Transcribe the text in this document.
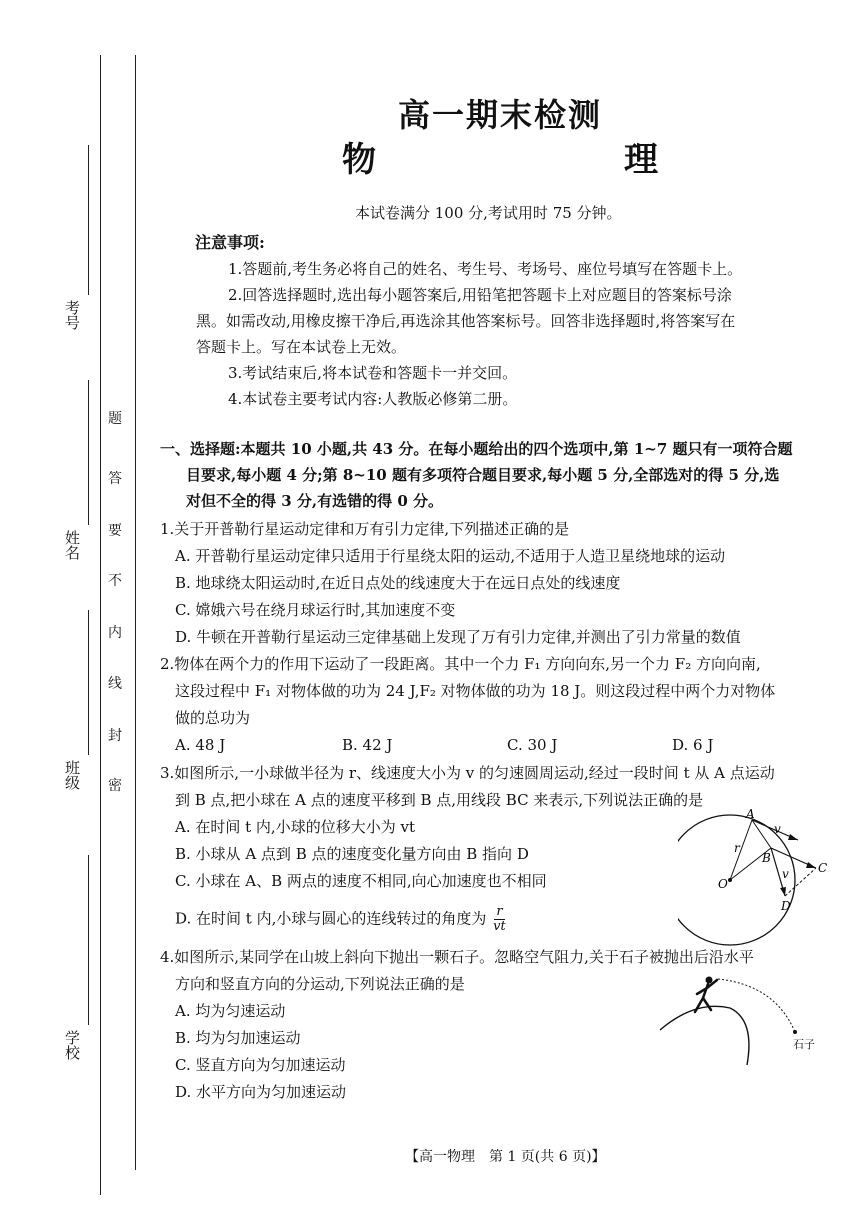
考号
姓名
班级
学校
题
答
要
不
内
线
封
密
高一期末检测
物　　理
本试卷满分 100 分,考试用时 75 分钟。
注意事项:
1.答题前,考生务必将自己的姓名、考生号、考场号、座位号填写在答题卡上。
2.回答选择题时,选出每小题答案后,用铅笔把答题卡上对应题目的答案标号涂
黑。如需改动,用橡皮擦干净后,再选涂其他答案标号。回答非选择题时,将答案写在
答题卡上。写在本试卷上无效。
3.考试结束后,将本试卷和答题卡一并交回。
4.本试卷主要考试内容:人教版必修第二册。
一、选择题:本题共 10 小题,共 43 分。在每小题给出的四个选项中,第 1~7 题只有一项符合题
目要求,每小题 4 分;第 8~10 题有多项符合题目要求,每小题 5 分,全部选对的得 5 分,选
对但不全的得 3 分,有选错的得 0 分。
1.关于开普勒行星运动定律和万有引力定律,下列描述正确的是
A. 开普勒行星运动定律只适用于行星绕太阳的运动,不适用于人造卫星绕地球的运动
B. 地球绕太阳运动时,在近日点处的线速度大于在远日点处的线速度
C. 嫦娥六号在绕月球运行时,其加速度不变
D. 牛顿在开普勒行星运动三定律基础上发现了万有引力定律,并测出了引力常量的数值
2.物体在两个力的作用下运动了一段距离。其中一个力 F₁ 方向向东,另一个力 F₂ 方向向南,
这段过程中 F₁ 对物体做的功为 24 J,F₂ 对物体做的功为 18 J。则这段过程中两个力对物体
做的总功为
A. 48 J	B. 42 J	C. 30 J	D. 6 J
3.如图所示,一小球做半径为 r、线速度大小为 v 的匀速圆周运动,经过一段时间 t 从 A 点运动
到 B 点,把小球在 A 点的速度平移到 B 点,用线段 BC 来表示,下列说法正确的是
A. 在时间 t 内,小球的位移大小为 vt
B. 小球从 A 点到 B 点的速度变化量方向由 B 指向 D
C. 小球在 A、B 两点的速度不相同,向心加速度也不相同
D. 在时间 t 内,小球与圆心的连线转过的角度为 $\frac{r}{vt}$
A
B
C
D
O
r
v
v
4.如图所示,某同学在山坡上斜向下抛出一颗石子。忽略空气阻力,关于石子被抛出后沿水平
方向和竖直方向的分运动,下列说法正确的是
A. 均为匀速运动
B. 均为匀加速运动
C. 竖直方向为匀加速运动
D. 水平方向为匀加速运动
石子
【高一物理　第 1 页(共 6 页)】
